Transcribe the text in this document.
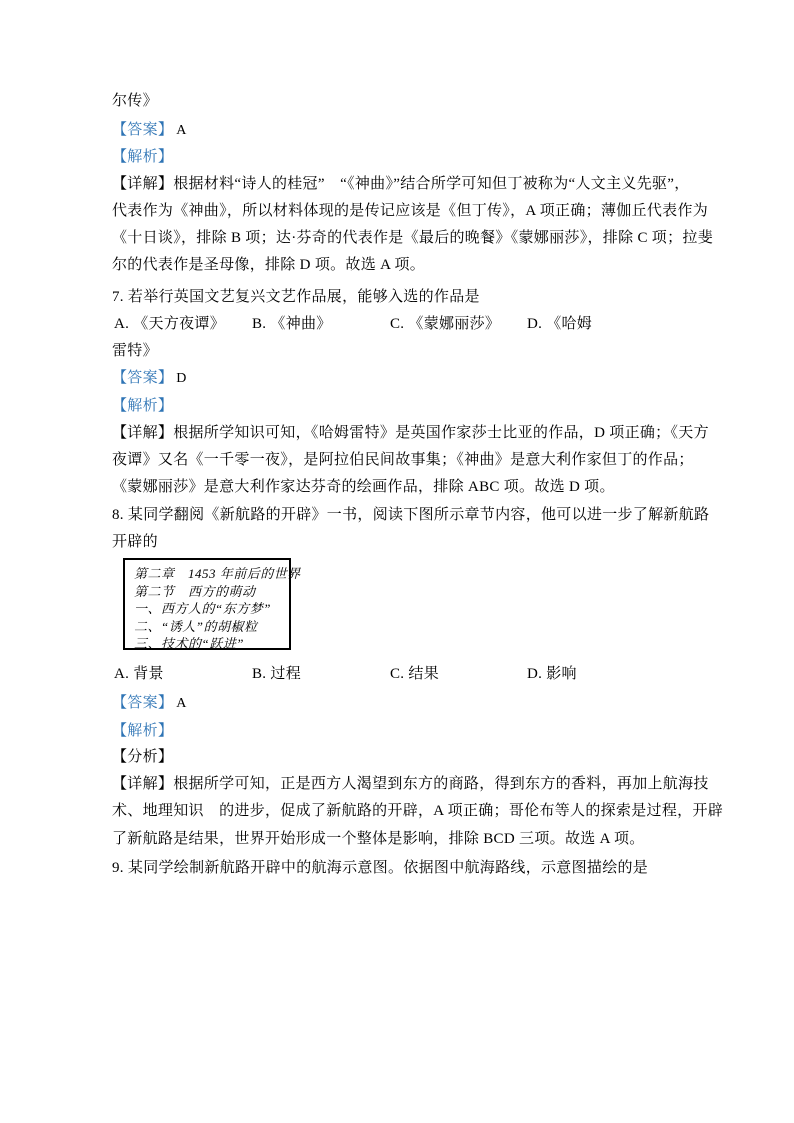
尔传》
【答案】 A
【解析】
【详解】根据材料“诗人的桂冠”　“《神曲》”结合所学可知但丁被称为“人文主义先驱”，
代表作为《神曲》，所以材料体现的是传记应该是《但丁传》，A 项正确；薄伽丘代表作为
《十日谈》，排除 B 项；达·芬奇的代表作是《最后的晚餐》《蒙娜丽莎》，排除 C 项；拉斐
尔的代表作是圣母像，排除 D 项。故选 A 项。
7. 若举行英国文艺复兴文艺作品展，能够入选的作品是
A. 《天方夜谭》 B. 《神曲》	C. 《蒙娜丽莎》 D. 《哈姆
雷特》
【答案】 D
【解析】
【详解】根据所学知识可知，《哈姆雷特》是英国作家莎士比亚的作品，D 项正确；《天方
夜谭》又名《一千零一夜》，是阿拉伯民间故事集；《神曲》是意大利作家但丁的作品；
《蒙娜丽莎》是意大利作家达芬奇的绘画作品，排除 ABC 项。故选 D 项。
8. 某同学翻阅《新航路的开辟》一书，阅读下图所示章节内容，他可以进一步了解新航路
开辟的
第二章　1453 年前后的世界
第二节　西方的萌动
一、西方人的“东方梦”
二、“诱人”的胡椒粒
三、技术的“跃进”
A. 背景	B. 过程	C. 结果	D. 影响
【答案】 A
【解析】
【分析】
【详解】根据所学可知，正是西方人渴望到东方的商路，得到东方的香料，再加上航海技
术、地理知识　的进步，促成了新航路的开辟，A 项正确；哥伦布等人的探索是过程，开辟
了新航路是结果，世界开始形成一个整体是影响，排除 BCD 三项。故选 A 项。
9. 某同学绘制新航路开辟中的航海示意图。依据图中航海路线，示意图描绘的是
